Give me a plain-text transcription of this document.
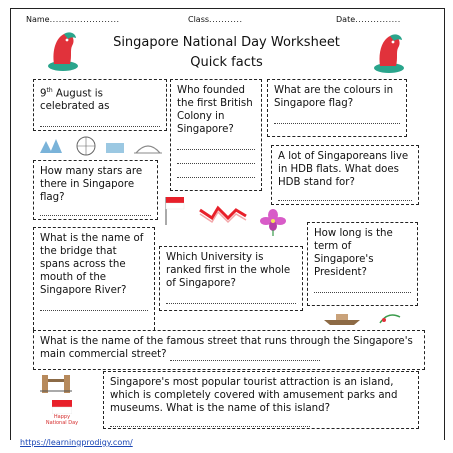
Name.......................	Class...........	Date...............
Singapore National Day Worksheet
Quick facts
9th August is celebrated as
Who founded the first British Colony in Singapore?
What are the colours in Singapore flag?
How many stars are there in Singapore flag?
A lot of Singaporeans live in HDB flats. What does HDB stand for?
What is the name of the bridge that spans across the mouth of the Singapore River?
Which University is ranked first in the whole of Singapore?
How long is the term of Singapore's President?
What is the name of the famous street that runs through the Singapore's main commercial street?
Happy
National Day
Singapore's most popular tourist attraction is an island, which is completely covered with amusement parks and museums. What is the name of this island?
https://learningprodigy.com/
